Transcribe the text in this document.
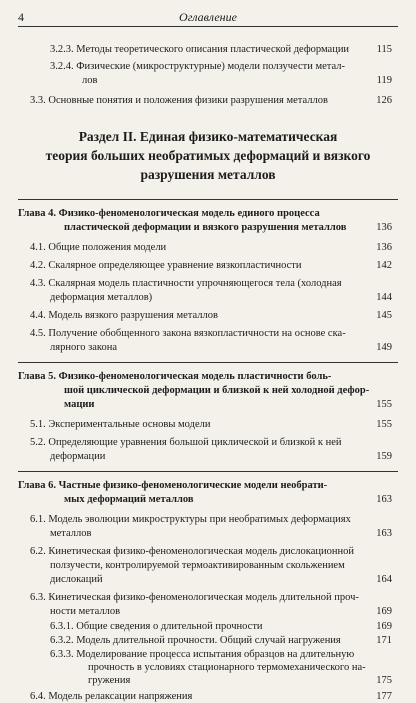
4	Оглавление
3.2.3. Методы теоретического описания пластической деформации	115
3.2.4. Физические (микроструктурные) модели ползучести метал-
лов	119
3.3. Основные понятия и положения физики разрушения металлов	126
Раздел II. Единая физико-математическая
теория больших необратимых деформаций и вязкого
разрушения металлов
Глава 4. Физико-феноменологическая модель единого процесса
пластической деформации и вязкого разрушения металлов	136
4.1. Общие положения модели	136
4.2. Скалярное определяющее уравнение вязкопластичности	142
4.3. Скалярная модель пластичности упрочняющегося тела (холодная
деформация металлов)	144
4.4. Модель вязкого разрушения металлов	145
4.5. Получение обобщенного закона вязкопластичности на основе ска-
лярного закона	149
Глава 5. Физико-феноменологическая модель пластичности боль-
шой циклической деформации и близкой к ней холодной дефор-
мации	155
5.1. Экспериментальные основы модели	155
5.2. Определяющие уравнения большой циклической и близкой к ней
деформации	159
Глава 6. Частные физико-феноменологические модели необрати-
мых деформаций металлов	163
6.1. Модель эволюции микроструктуры при необратимых деформациях
металлов	163
6.2. Кинетическая физико-феноменологическая модель дислокационной
ползучести, контролируемой термоактивированным скольжением
дислокаций	164
6.3. Кинетическая физико-феноменологическая модель длительной проч-
ности металлов	169
6.3.1. Общие сведения о длительной прочности	169
6.3.2. Модель длительной прочности. Общий случай нагружения	171
6.3.3. Моделирование процесса испытания образцов на длительную
прочность в условиях стационарного термомеханического на-
гружения	175
6.4. Модель релаксации напряжения	177
